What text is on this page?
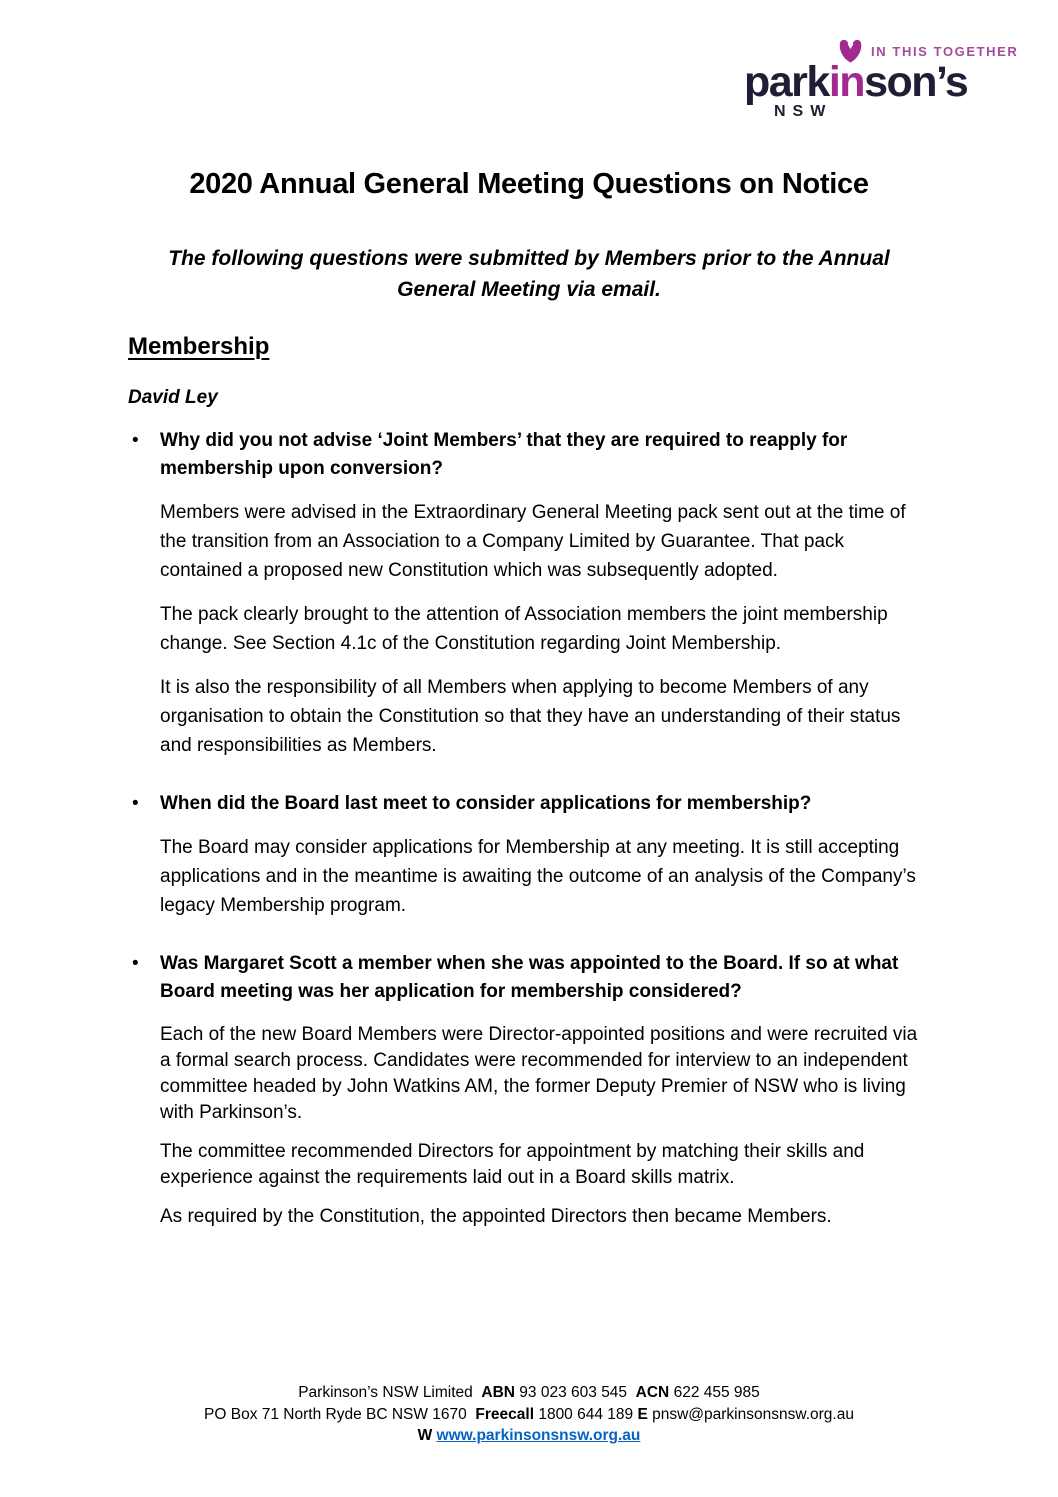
IN THIS TOGETHER
parkinson’s
NSW
2020 Annual General Meeting Questions on Notice

The following questions were submitted by Members prior to the Annual General Meeting via email.

Membership

David Ley

•	Why did you not advise ‘Joint Members’ that they are required to reapply for membership upon conversion?

Members were advised in the Extraordinary General Meeting pack sent out at the time of the transition from an Association to a Company Limited by Guarantee. That pack contained a proposed new Constitution which was subsequently adopted.

The pack clearly brought to the attention of Association members the joint membership change. See Section 4.1c of the Constitution regarding Joint Membership.

It is also the responsibility of all Members when applying to become Members of any organisation to obtain the Constitution so that they have an understanding of their status and responsibilities as Members.

•	When did the Board last meet to consider applications for membership?

The Board may consider applications for Membership at any meeting. It is still accepting applications and in the meantime is awaiting the outcome of an analysis of the Company’s legacy Membership program.

•	Was Margaret Scott a member when she was appointed to the Board. If so at what Board meeting was her application for membership considered?

Each of the new Board Members were Director-appointed positions and were recruited via a formal search process. Candidates were recommended for interview to an independent committee headed by John Watkins AM, the former Deputy Premier of NSW who is living with Parkinson’s.

The committee recommended Directors for appointment by matching their skills and experience against the requirements laid out in a Board skills matrix.

As required by the Constitution, the appointed Directors then became Members.

Parkinson’s NSW Limited  ABN 93 023 603 545  ACN 622 455 985
PO Box 71 North Ryde BC NSW 1670  Freecall 1800 644 189 E pnsw@parkinsonsnsw.org.au
W www.parkinsonsnsw.org.au
